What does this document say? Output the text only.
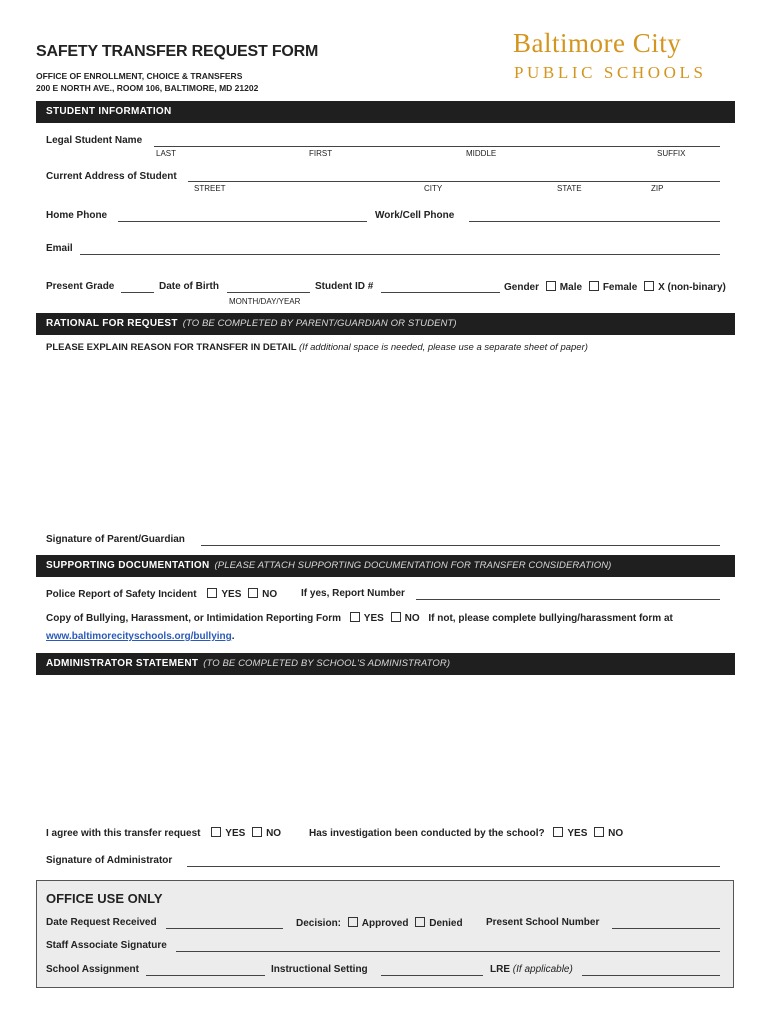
SAFETY TRANSFER REQUEST FORM
OFFICE OF ENROLLMENT, CHOICE & TRANSFERS
200 E NORTH AVE., ROOM 106, BALTIMORE, MD 21202
Baltimore City
PUBLIC SCHOOLS
STUDENT INFORMATION
Legal Student Name
LAST	FIRST	MIDDLE	SUFFIX
Current Address of Student
STREET	CITY	STATE	ZIP
Home Phone	Work/Cell Phone
Email
Present Grade	Date of Birth
MONTH/DAY/YEAR
Student ID #	Gender Male Female X (non-binary)
RATIONAL FOR REQUEST (TO BE COMPLETED BY PARENT/GUARDIAN OR STUDENT)
PLEASE EXPLAIN REASON FOR TRANSFER IN DETAIL (If additional space is needed, please use a separate sheet of paper)
Signature of Parent/Guardian
SUPPORTING DOCUMENTATION (PLEASE ATTACH SUPPORTING DOCUMENTATION FOR TRANSFER CONSIDERATION)
Police Report of Safety Incident YES NO If yes, Report Number
Copy of Bullying, Harassment, or Intimidation Reporting Form YES NO If not, please complete bullying/harassment form at
www.baltimorecityschools.org/bullying.
ADMINISTRATOR STATEMENT (TO BE COMPLETED BY SCHOOL'S ADMINISTRATOR)
I agree with this transfer request YES NO	Has investigation been conducted by the school? YES NO
Signature of Administrator
OFFICE USE ONLY
Date Request Received	Decision: Approved Denied Present School Number
Staff Associate Signature
School Assignment	Instructional Setting	LRE (If applicable)
